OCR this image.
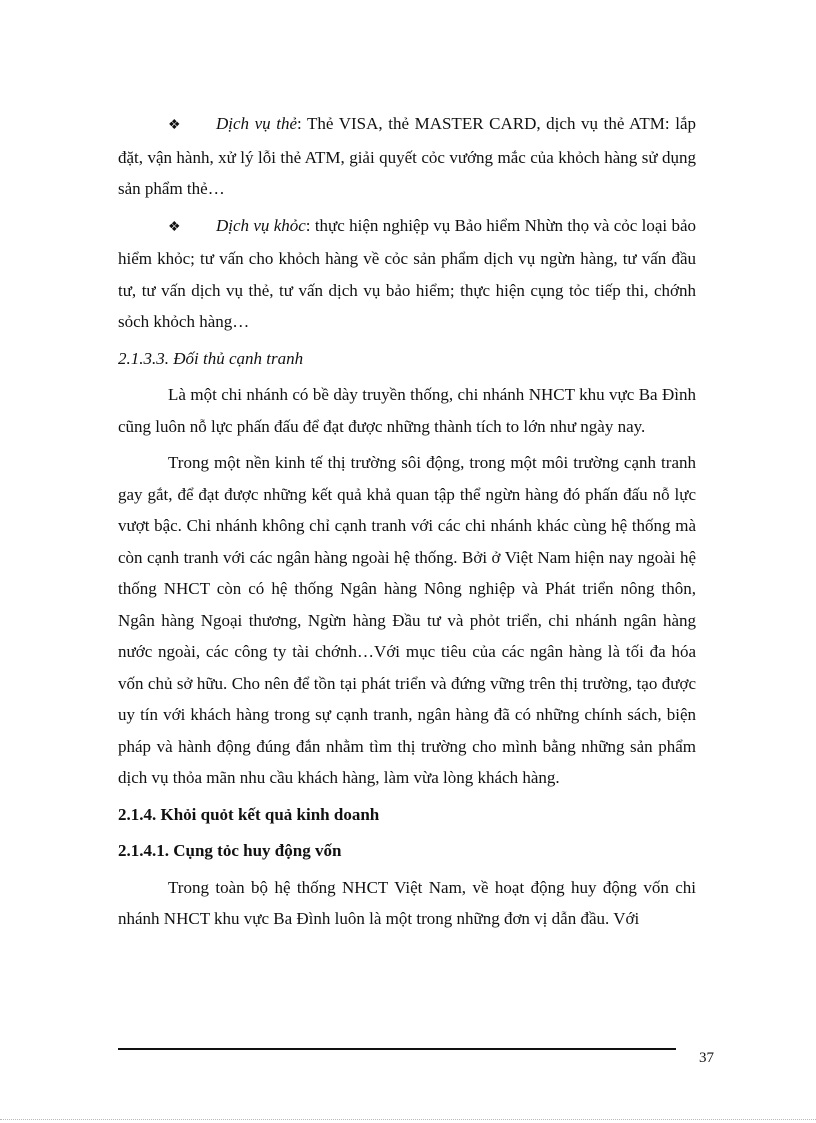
❖ Dịch vụ thẻ: Thẻ VISA, thẻ MASTER CARD, dịch vụ thẻ ATM: lắp đặt, vận hành, xử lý lỗi thẻ ATM, giải quyết cỏc vướng mắc của khỏch hàng sử dụng sản phẩm thẻ…

❖ Dịch vụ khỏc: thực hiện nghiệp vụ Bảo hiểm Nhừn thọ và cỏc loại bảo hiểm khỏc; tư vấn cho khỏch hàng về cỏc sản phẩm dịch vụ ngừn hàng, tư vấn đầu tư, tư vấn dịch vụ thẻ, tư vấn dịch vụ bảo hiểm; thực hiện cụng tỏc tiếp thi, chớnh sỏch khỏch hàng…

2.1.3.3. Đối thủ cạnh tranh

Là một chi nhánh có bề dày truyền thống, chi nhánh NHCT khu vực Ba Đình cũng luôn nỗ lực phấn đấu để đạt được những thành tích to lớn như ngày nay.

Trong một nền kinh tế thị trường sôi động, trong một môi trường cạnh tranh gay gắt, để đạt được những kết quả khả quan tập thể ngừn hàng đó phấn đấu nỗ lực vượt bậc. Chi nhánh không chỉ cạnh tranh với các chi nhánh khác cùng hệ thống mà còn cạnh tranh với các ngân hàng ngoài hệ thống. Bởi ở Việt Nam hiện nay ngoài hệ thống NHCT còn có hệ thống Ngân hàng Nông nghiệp và Phát triển nông thôn, Ngân hàng Ngoại thương, Ngừn hàng Đầu tư và phỏt triển, chi nhánh ngân hàng nước ngoài, các công ty tài chớnh…Với mục tiêu của các ngân hàng là tối đa hóa vốn chủ sở hữu. Cho nên để tồn tại phát triển và đứng vững trên thị trường, tạo được uy tín với khách hàng trong sự cạnh tranh, ngân hàng đã có những chính sách, biện pháp và hành động đúng đắn nhằm tìm thị trường cho mình bằng những sản phẩm dịch vụ thỏa mãn nhu cầu khách hàng, làm vừa lòng khách hàng.

2.1.4. Khỏi quỏt kết quả kinh doanh

2.1.4.1. Cụng tỏc huy động vốn

Trong toàn bộ hệ thống NHCT Việt Nam, về hoạt động huy động vốn chi nhánh NHCT khu vực Ba Đình luôn là một trong những đơn vị dẫn đầu. Với

37
